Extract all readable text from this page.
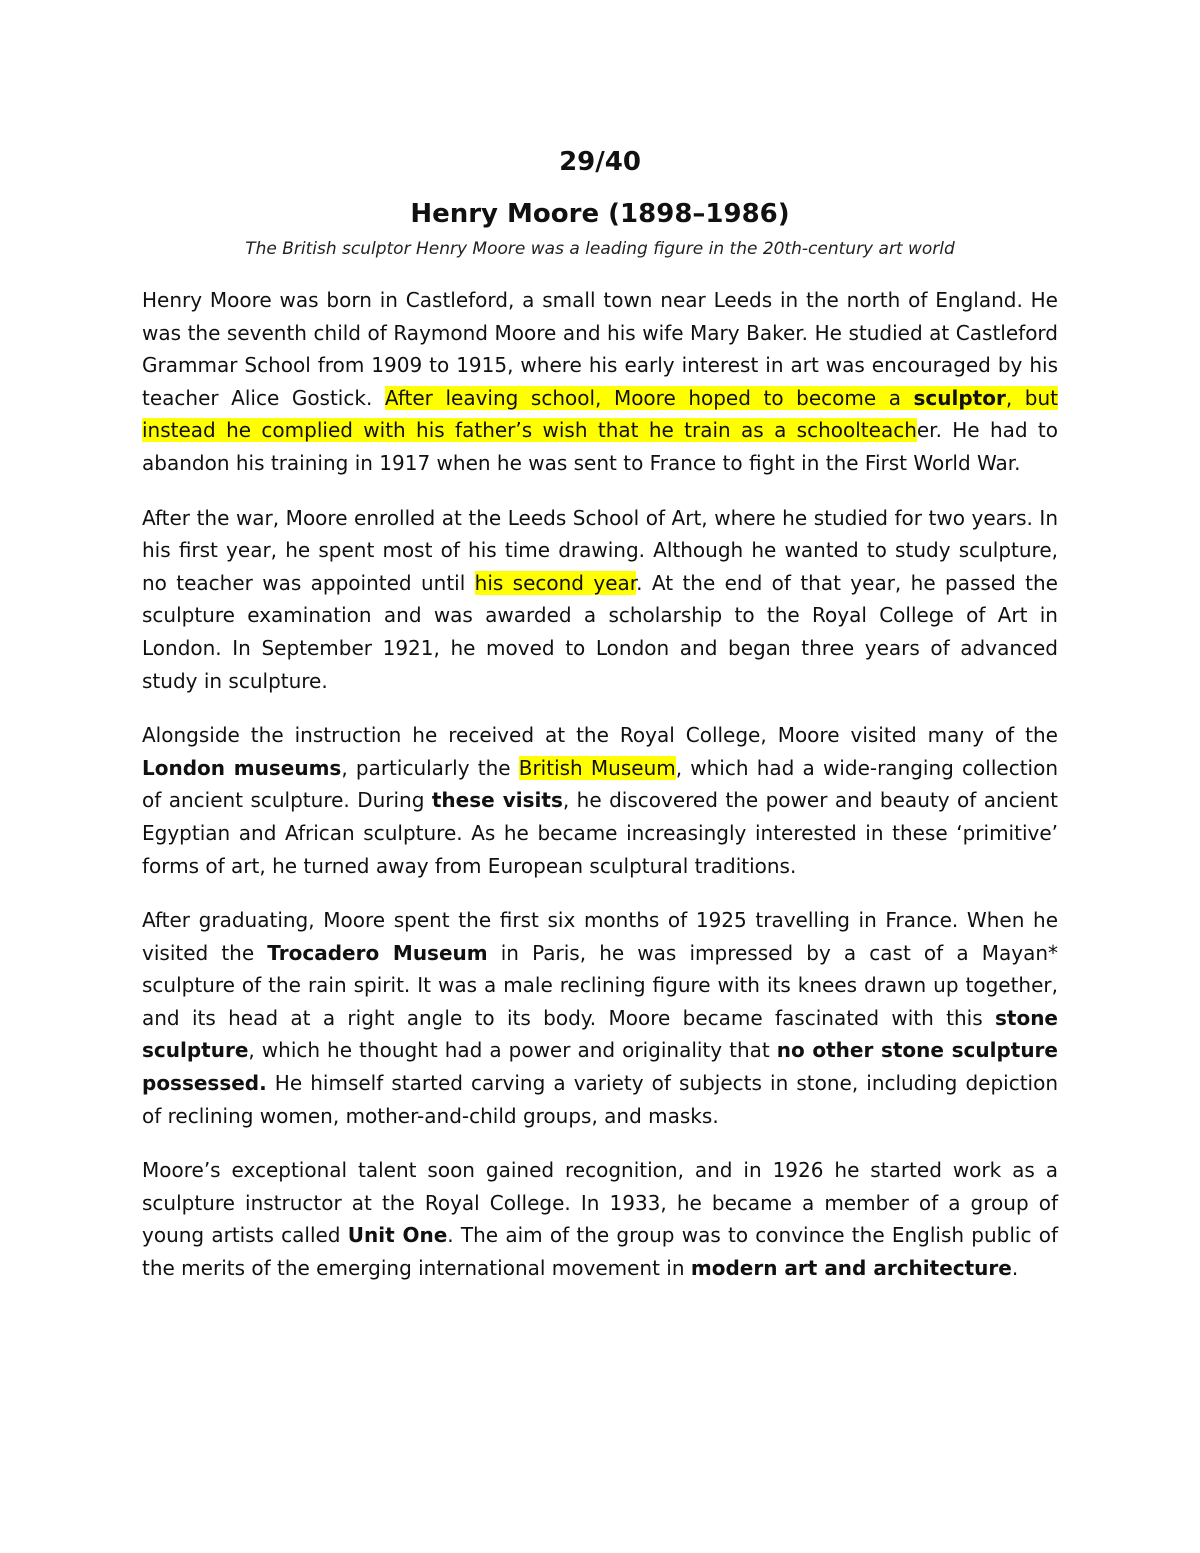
29/40

Henry Moore (1898–1986)

The British sculptor Henry Moore was a leading figure in the 20th-century art world

Henry Moore was born in Castleford, a small town near Leeds in the north of England. He was the seventh child of Raymond Moore and his wife Mary Baker. He studied at Castleford Grammar School from 1909 to 1915, where his early interest in art was encouraged by his teacher Alice Gostick. After leaving school, Moore hoped to become a sculptor, but instead he complied with his father’s wish that he train as a schoolteacher. He had to abandon his training in 1917 when he was sent to France to fight in the First World War.

After the war, Moore enrolled at the Leeds School of Art, where he studied for two years. In his first year, he spent most of his time drawing. Although he wanted to study sculpture, no teacher was appointed until his second year. At the end of that year, he passed the sculpture examination and was awarded a scholarship to the Royal College of Art in London. In September 1921, he moved to London and began three years of advanced study in sculpture.

Alongside the instruction he received at the Royal College, Moore visited many of the London museums, particularly the British Museum, which had a wide-ranging collection of ancient sculpture. During these visits, he discovered the power and beauty of ancient Egyptian and African sculpture. As he became increasingly interested in these ‘primitive’ forms of art, he turned away from European sculptural traditions.

After graduating, Moore spent the first six months of 1925 travelling in France. When he visited the Trocadero Museum in Paris, he was impressed by a cast of a Mayan* sculpture of the rain spirit. It was a male reclining figure with its knees drawn up together, and its head at a right angle to its body. Moore became fascinated with this stone sculpture, which he thought had a power and originality that no other stone sculpture possessed. He himself started carving a variety of subjects in stone, including depiction of reclining women, mother-and-child groups, and masks.

Moore’s exceptional talent soon gained recognition, and in 1926 he started work as a sculpture instructor at the Royal College. In 1933, he became a member of a group of young artists called Unit One. The aim of the group was to convince the English public of the merits of the emerging international movement in modern art and architecture.
